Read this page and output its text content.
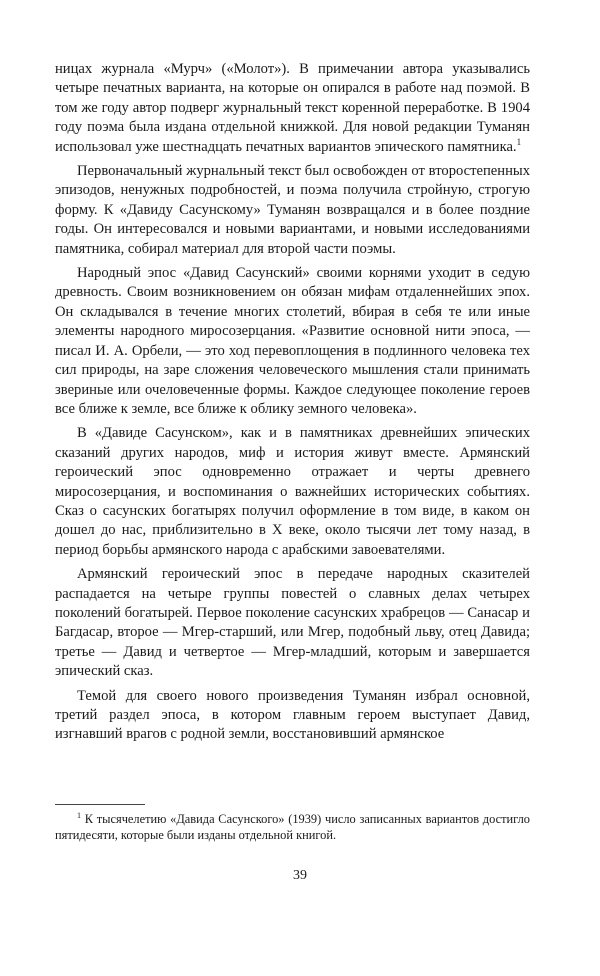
ницах журнала «Мурч» («Молот»). В примечании автора указывались четыре печатных варианта, на которые он опирался в работе над поэмой. В том же году автор подверг журнальный текст коренной переработке. В 1904 году поэма была издана отдельной книжкой. Для новой редакции Туманян использовал уже шестнадцать печатных вариантов эпического памятника.$^1$

Первоначальный журнальный текст был освобожден от второстепенных эпизодов, ненужных подробностей, и поэма получила стройную, строгую форму. К «Давиду Сасунскому» Туманян возвращался и в более поздние годы. Он интересовался и новыми вариантами, и новыми исследованиями памятника, собирал материал для второй части поэмы.

Народный эпос «Давид Сасунский» своими корнями уходит в седую древность. Своим возникновением он обязан мифам отдаленнейших эпох. Он складывался в течение многих столетий, вбирая в себя те или иные элементы народного миросозерцания. «Развитие основной нити эпоса, — писал И. А. Орбели, — это ход перевоплощения в подлинного человека тех сил природы, на заре сложения человеческого мышления стали принимать звериные или очеловеченные формы. Каждое следующее поколение героев все ближе к земле, все ближе к облику земного человека».

В «Давиде Сасунском», как и в памятниках древнейших эпических сказаний других народов, миф и история живут вместе. Армянский героический эпос одновременно отражает и черты древнего миросозерцания, и воспоминания о важнейших исторических событиях. Сказ о сасунских богатырях получил оформление в том виде, в каком он дошел до нас, приблизительно в X веке, около тысячи лет тому назад, в период борьбы армянского народа с арабскими завоевателями.

Армянский героический эпос в передаче народных сказителей распадается на четыре группы повестей о славных делах четырех поколений богатырей. Первое поколение сасунских храбрецов — Санасар и Багдасар, второе — Мгер-старший, или Мгер, подобный льву, отец Давида; третье — Давид и четвертое — Мгер-младший, которым и завершается эпический сказ.

Темой для своего нового произведения Туманян избрал основной, третий раздел эпоса, в котором главным героем выступает Давид, изгнавший врагов с родной земли, восстановивший армянское

$^1$ К тысячелетию «Давида Сасунского» (1939) число записанных вариантов достигло пятидесяти, которые были изданы отдельной книгой.

39
